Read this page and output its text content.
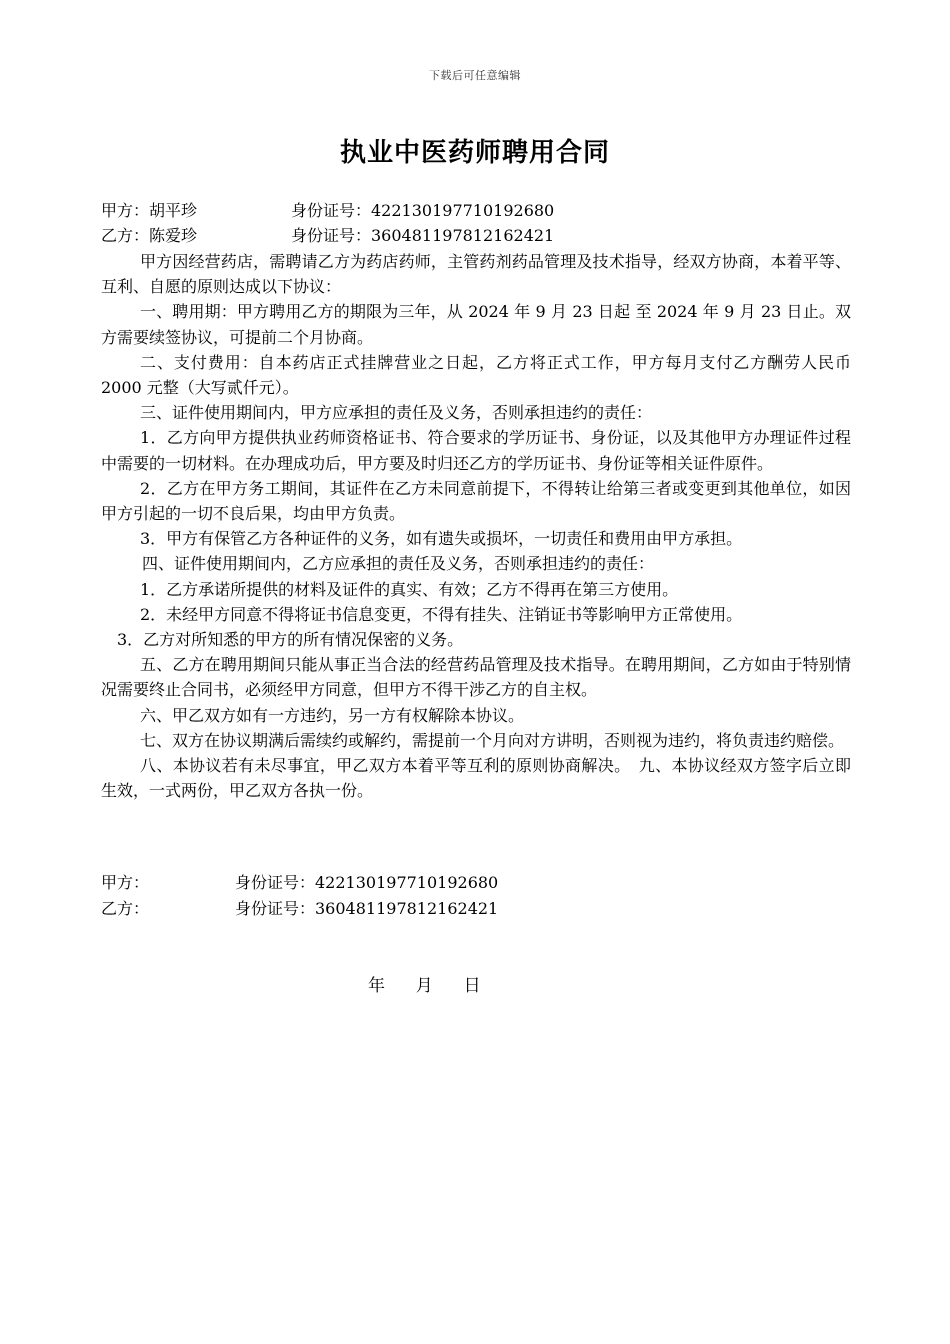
下载后可任意编辑
执业中医药师聘用合同
甲方：胡平珍	身份证号：422130197710192680
乙方：陈爱珍	身份证号：360481197812162421

甲方因经营药店，需聘请乙方为药店药师，主管药剂药品管理及技术指导，经双方协商，本着平等、互利、自愿的原则达成以下协议：

一、聘用期：甲方聘用乙方的期限为三年，从 2024 年 9 月 23 日起 至 2024 年 9 月 23 日止。双方需要续签协议，可提前二个月协商。

二、支付费用：自本药店正式挂牌营业之日起，乙方将正式工作，甲方每月支付乙方酬劳人民币 2000 元整（大写贰仟元）。

三、证件使用期间内，甲方应承担的责任及义务，否则承担违约的责任：

1．乙方向甲方提供执业药师资格证书、符合要求的学历证书、身份证，以及其他甲方办理证件过程中需要的一切材料。在办理成功后，甲方要及时归还乙方的学历证书、身份证等相关证件原件。

2．乙方在甲方务工期间，其证件在乙方未同意前提下，不得转让给第三者或变更到其他单位，如因甲方引起的一切不良后果，均由甲方负责。

3．甲方有保管乙方各种证件的义务，如有遗失或损坏，一切责任和费用由甲方承担。

四、证件使用期间内，乙方应承担的责任及义务，否则承担违约的责任：

1．乙方承诺所提供的材料及证件的真实、有效；乙方不得再在第三方使用。

2．未经甲方同意不得将证书信息变更，不得有挂失、注销证书等影响甲方正常使用。

3．乙方对所知悉的甲方的所有情况保密的义务。

五、乙方在聘用期间只能从事正当合法的经营药品管理及技术指导。在聘用期间，乙方如由于特别情况需要终止合同书，必须经甲方同意，但甲方不得干涉乙方的自主权。

六、甲乙双方如有一方违约，另一方有权解除本协议。

七、双方在协议期满后需续约或解约，需提前一个月向对方讲明，否则视为违约，将负责违约赔偿。

八、本协议若有未尽事宜，甲乙双方本着平等互利的原则协商解决。　九、本协议经双方签字后立即生效，一式两份，甲乙双方各执一份。

甲方：	身份证号：422130197710192680
乙方：	身份证号：360481197812162421
年  月  日
